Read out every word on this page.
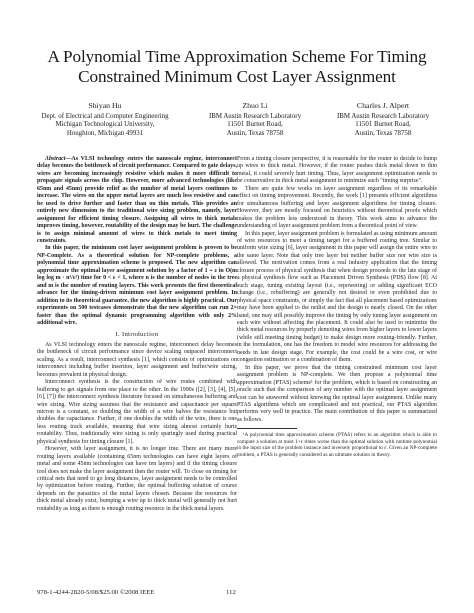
A Polynomial Time Approximation Scheme For Timing
Constrained Minimum Cost Layer Assignment
Shiyan Hu
Dept. of Electrical and Computer Engineering
Michigan Technological University,
Houghton, Michigan 49931
Zhuo Li
IBM Austin Research Laboratory
11501 Burnet Road,
Austin, Texas 78758
Charles J. Alpert
IBM Austin Research Laboratory
11501 Burnet Road,
Austin, Texas 78758

Abstract—As VLSI technology enters the nanoscale regime, interconnect delay becomes the bottleneck of circuit performance. Compared to gate delays, wires are becoming increasingly resistive which makes it more difficult to propagate signals across the chip. However, more advanced technologies (like 65nm and 45nm) provide relief as the number of metal layers continues to increase. The wires on the upper metal layers are much less resistive and can be used to drive further and faster than on thin metals. This provides an entirely new dimension to the traditional wire sizing problem, namely, layer assignment for efficient timing closure. Assigning all wires to thick metals improves timing, however, routability of the design may be hurt. The challenge is to assign minimal amount of wires to thick metals to meet timing constraints.

In this paper, the minimum cost layer assignment problem is proven to be NP-Complete. As a theoretical solution for NP-complete problems, a polynomial time approximation scheme is proposed. The new algorithm can approximate the optimal layer assignment solution by a factor of 1 + ε in O(m log log m · n³/ε²) time for 0 < ε < 1, where n is the number of nodes in the tree and m is the number of routing layers. This work presents the first theoretical advance for the timing-driven minimum cost layer assignment problem. In addition to its theoretical guarantee, the new algorithm is highly practical. Our experiments on 500 testcases demonstrate that the new algorithm can run 2× faster than the optimal dynamic programming algorithm with only 2% additional wire.

I. Introduction

As VLSI technology enters the nanoscale regime, interconnect delay becomes the bottleneck of circuit performance since device scaling outpaced interconnect scaling. As a result, interconnect synthesis [1], which consists of optimizations on interconnect including buffer insertion, layer assignment and buffer/wire sizing, becomes prevalent in physical design.

Interconnect synthesis is the construction of wire routes combined with buffering to get signals from one place to the other. In the 1990s ([2], [3], [4], [5], [6], [7]) the interconnect synthesis literature focused on simultaneous buffering and wire sizing. Wire sizing assumes that the resistance and capacitance per square micron is a constant, so doubling the width of a wire halves the resistance but doubles the capacitance. Further, if one doubles the width of the wire, there is one less routing track available, meaning that wire sizing almost certainly hurts routability. Thus, traditionally wire sizing is only sparingly used during practical physical synthesis for timing closure [1].

However, with layer assignment, it is no longer true. There are many more routing layers available (containing 65nm technologies can have eight layers of metal and some 45nm technologies can have ten layers) and if the timing closure tool does not make the layer assignment then the router will. To close on timing for critical nets that need to go long distances, layer assignment needs to be controlled by optimization before routing. Further, the optimal buffering solution of course depends on the parasitics of the metal layers chosen. Because the resources for thick metal already exist, bumping a wire up to thick metal will generally not hurt routability as long as there is enough routing resource in the thick metal layers.

From a timing closure perspective, it is reasonable for the router to decide to bump up wires to thick metal. However, if the router pushes thick metal down to thin metal, it could severely hurt timing. Thus, layer assignment optimization needs to be conservative in thick metal assignment to minimize such "timing surprise".

There are quite few works on layer assignment regardless of its remarkable effect on timing improvement. Recently, the work [1] presents efficient algorithms for simultaneous buffering and layer assignment algorithms for timing closure. However, they are mostly focused on heuristics without theoretical proofs which makes the problem less understood in theory. This work aims to advance the understanding of layer assignment problem from a theoretical point of view.

In this paper, layer assignment problem is formulated as using minimum amount of wire resources to meet a timing target for a buffered routing tree. Similar to uniform wire sizing [6], layer assignment in this paper will assign the entire wire to the same layer. Note that only tree layer but neither buffer size nor wire size is allowed. The motivation comes from a real industry application that the timing closure process of physical synthesis that when design proceeds to the late stage of a physical synthesis flow such as Placement Driven Synthesis (PDS) flow [8]. At such stage, tuning existing layout (i.e., repowering) or adding significant ECO change (i.e., rebuffering) are generally not desired or even prohibited due to physical space constraints, or simply the fact that all placement based optimizations may have been applied to the netlist and the design is nearly closed. On the other hand, one may still possibly improve the timing by only tuning layer assignment on each wire without affecting the placement. It could also be used to minimize the thick metal resources by properly demoting wires from higher layers to lower layers (while still meeting timing budget) to make design more routing-friendly. Further, in the formulation, one has the freedom to model wire resources for addressing the needs in late design stage. For example, the cost could be a wire cost, or wire congestion estimation or a combination of them.

In this paper, we prove that the timing constrained minimum cost layer assignment problem is NP-complete. We then propose a polynomial time approximation (PTAS) scheme¹ for the problem, which is based on constructing an oracle such that the comparison of any number with the optimal layer assignment cost can be answered without knowing the optimal layer assignment. Unlike many PTAS algorithms which are complicated and not practical, our PTAS algorithm performs very well in practice. The main contribution of this paper is summarized as follows.

¹A polynomial time approximation scheme (PTAS) refers to an algorithm which is able to compute a solution at most 1+ε times worse than the optimal solution with runtime polynomial in the input size of the problem instance and inversely proportional to ε. Given an NP-complete problem, a PTAS is generally considered as an ultimate solution in theory.

978-1-4244-2820-5/08/$25.00 ©2008 IEEE	112
